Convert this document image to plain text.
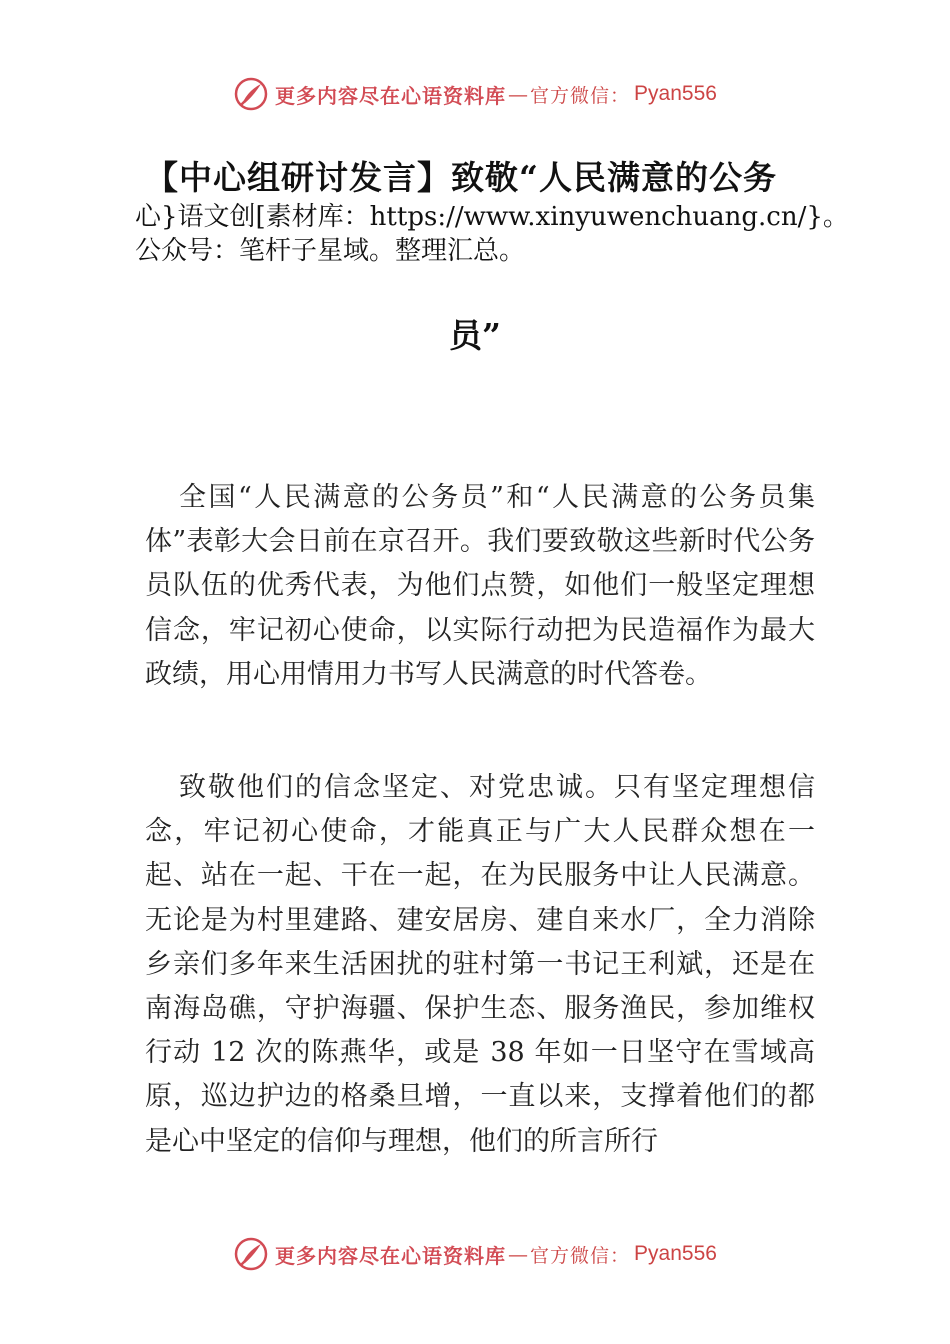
更多内容尽在心语资料库 — 官方微信： Pyan556
【中心组研讨发言】致敬“人民满意的公务
心}语文创[素材库：https://www.xinyuwenchuang.cn/}。公众号：笔杆子星域。整理汇总。
员”

全国“人民满意的公务员”和“人民满意的公务员集体”表彰大会日前在京召开。我们要致敬这些新时代公务员队伍的优秀代表，为他们点赞，如他们一般坚定理想信念，牢记初心使命，以实际行动把为民造福作为最大政绩，用心用情用力书写人民满意的时代答卷。

致敬他们的信念坚定、对党忠诚。只有坚定理想信念，牢记初心使命，才能真正与广大人民群众想在一起、站在一起、干在一起，在为民服务中让人民满意。无论是为村里建路、建安居房、建自来水厂，全力消除乡亲们多年来生活困扰的驻村第一书记王利斌，还是在南海岛礁，守护海疆、保护生态、服务渔民，参加维权行动 12 次的陈燕华，或是 38 年如一日坚守在雪域高原，巡边护边的格桑旦增，一直以来，支撑着他们的都是心中坚定的信仰与理想，他们的所言所行

更多内容尽在心语资料库 — 官方微信： Pyan556
